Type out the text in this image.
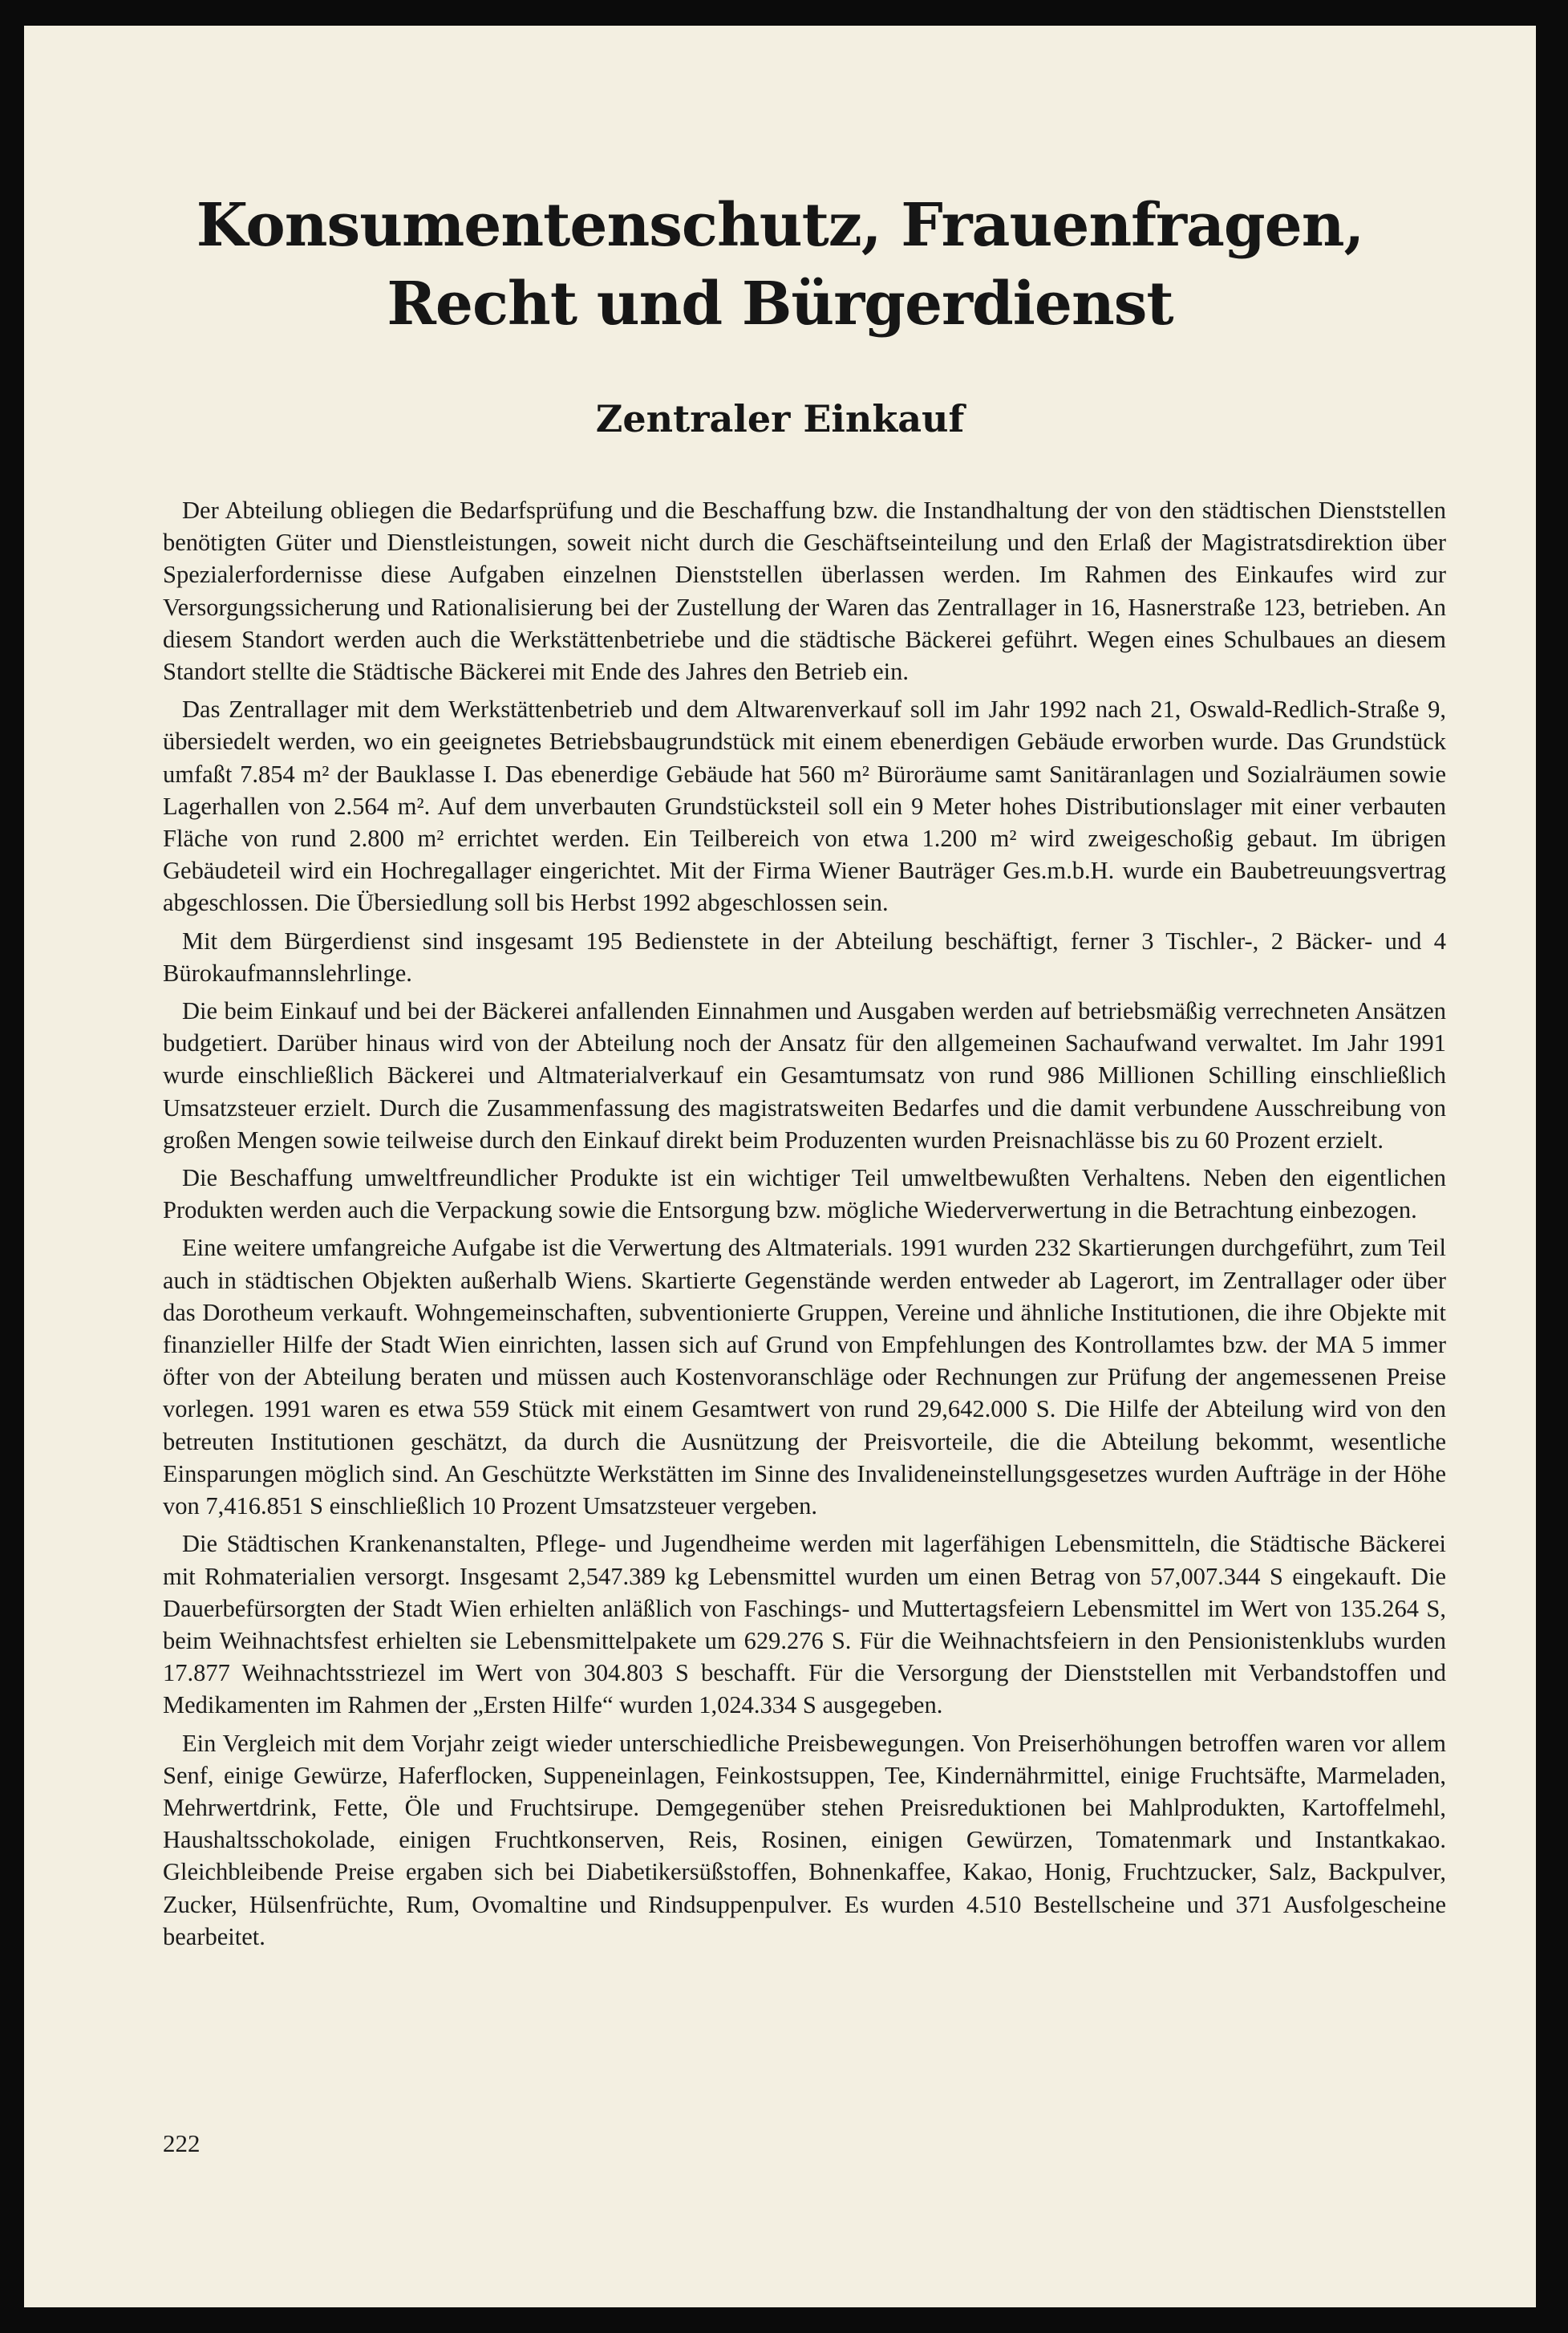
Konsumentenschutz, Frauenfragen,
Recht und Bürgerdienst
Zentraler Einkauf

Der Abteilung obliegen die Bedarfsprüfung und die Beschaffung bzw. die Instandhaltung der von den städtischen Dienststellen benötigten Güter und Dienstleistungen, soweit nicht durch die Geschäftseinteilung und den Erlaß der Magistratsdirektion über Spezialerfordernisse diese Aufgaben einzelnen Dienststellen überlassen werden. Im Rahmen des Einkaufes wird zur Versorgungssicherung und Rationalisierung bei der Zustellung der Waren das Zentrallager in 16, Hasnerstraße 123, betrieben. An diesem Standort werden auch die Werkstättenbetriebe und die städtische Bäckerei geführt. Wegen eines Schulbaues an diesem Standort stellte die Städtische Bäckerei mit Ende des Jahres den Betrieb ein.

Das Zentrallager mit dem Werkstättenbetrieb und dem Altwarenverkauf soll im Jahr 1992 nach 21, Oswald-Redlich-Straße 9, übersiedelt werden, wo ein geeignetes Betriebsbaugrundstück mit einem ebenerdigen Gebäude erworben wurde. Das Grundstück umfaßt 7.854 m² der Bauklasse I. Das ebenerdige Gebäude hat 560 m² Büroräume samt Sanitäranlagen und Sozialräumen sowie Lagerhallen von 2.564 m². Auf dem unverbauten Grundstücksteil soll ein 9 Meter hohes Distributionslager mit einer verbauten Fläche von rund 2.800 m² errichtet werden. Ein Teilbereich von etwa 1.200 m² wird zweigeschoßig gebaut. Im übrigen Gebäudeteil wird ein Hochregallager eingerichtet. Mit der Firma Wiener Bauträger Ges.m.b.H. wurde ein Baubetreuungsvertrag abgeschlossen. Die Übersiedlung soll bis Herbst 1992 abgeschlossen sein.

Mit dem Bürgerdienst sind insgesamt 195 Bedienstete in der Abteilung beschäftigt, ferner 3 Tischler-, 2 Bäcker- und 4 Bürokaufmannslehrlinge.

Die beim Einkauf und bei der Bäckerei anfallenden Einnahmen und Ausgaben werden auf betriebsmäßig verrechneten Ansätzen budgetiert. Darüber hinaus wird von der Abteilung noch der Ansatz für den allgemeinen Sachaufwand verwaltet. Im Jahr 1991 wurde einschließlich Bäckerei und Altmaterialverkauf ein Gesamtumsatz von rund 986 Millionen Schilling einschließlich Umsatzsteuer erzielt. Durch die Zusammenfassung des magistratsweiten Bedarfes und die damit verbundene Ausschreibung von großen Mengen sowie teilweise durch den Einkauf direkt beim Produzenten wurden Preisnachlässe bis zu 60 Prozent erzielt.

Die Beschaffung umweltfreundlicher Produkte ist ein wichtiger Teil umweltbewußten Verhaltens. Neben den eigentlichen Produkten werden auch die Verpackung sowie die Entsorgung bzw. mögliche Wiederverwertung in die Betrachtung einbezogen.

Eine weitere umfangreiche Aufgabe ist die Verwertung des Altmaterials. 1991 wurden 232 Skartierungen durchgeführt, zum Teil auch in städtischen Objekten außerhalb Wiens. Skartierte Gegenstände werden entweder ab Lagerort, im Zentrallager oder über das Dorotheum verkauft. Wohngemeinschaften, subventionierte Gruppen, Vereine und ähnliche Institutionen, die ihre Objekte mit finanzieller Hilfe der Stadt Wien einrichten, lassen sich auf Grund von Empfehlungen des Kontrollamtes bzw. der MA 5 immer öfter von der Abteilung beraten und müssen auch Kostenvoranschläge oder Rechnungen zur Prüfung der angemessenen Preise vorlegen. 1991 waren es etwa 559 Stück mit einem Gesamtwert von rund 29,642.000 S. Die Hilfe der Abteilung wird von den betreuten Institutionen geschätzt, da durch die Ausnützung der Preisvorteile, die die Abteilung bekommt, wesentliche Einsparungen möglich sind. An Geschützte Werkstätten im Sinne des Invalideneinstellungsgesetzes wurden Aufträge in der Höhe von 7,416.851 S einschließlich 10 Prozent Umsatzsteuer vergeben.

Die Städtischen Krankenanstalten, Pflege- und Jugendheime werden mit lagerfähigen Lebensmitteln, die Städtische Bäckerei mit Rohmaterialien versorgt. Insgesamt 2,547.389 kg Lebensmittel wurden um einen Betrag von 57,007.344 S eingekauft. Die Dauerbefürsorgten der Stadt Wien erhielten anläßlich von Faschings- und Muttertagsfeiern Lebensmittel im Wert von 135.264 S, beim Weihnachtsfest erhielten sie Lebensmittelpakete um 629.276 S. Für die Weihnachtsfeiern in den Pensionistenklubs wurden 17.877 Weihnachtsstriezel im Wert von 304.803 S beschafft. Für die Versorgung der Dienststellen mit Verbandstoffen und Medikamenten im Rahmen der „Ersten Hilfe“ wurden 1,024.334 S ausgegeben.

Ein Vergleich mit dem Vorjahr zeigt wieder unterschiedliche Preisbewegungen. Von Preiserhöhungen betroffen waren vor allem Senf, einige Gewürze, Haferflocken, Suppeneinlagen, Feinkostsuppen, Tee, Kindernährmittel, einige Fruchtsäfte, Marmeladen, Mehrwertdrink, Fette, Öle und Fruchtsirupe. Demgegenüber stehen Preisreduktionen bei Mahlprodukten, Kartoffelmehl, Haushaltsschokolade, einigen Fruchtkonserven, Reis, Rosinen, einigen Gewürzen, Tomatenmark und Instantkakao. Gleichbleibende Preise ergaben sich bei Diabetikersüßstoffen, Bohnenkaffee, Kakao, Honig, Fruchtzucker, Salz, Backpulver, Zucker, Hülsenfrüchte, Rum, Ovomaltine und Rindsuppenpulver. Es wurden 4.510 Bestellscheine und 371 Ausfolgescheine bearbeitet.

222
